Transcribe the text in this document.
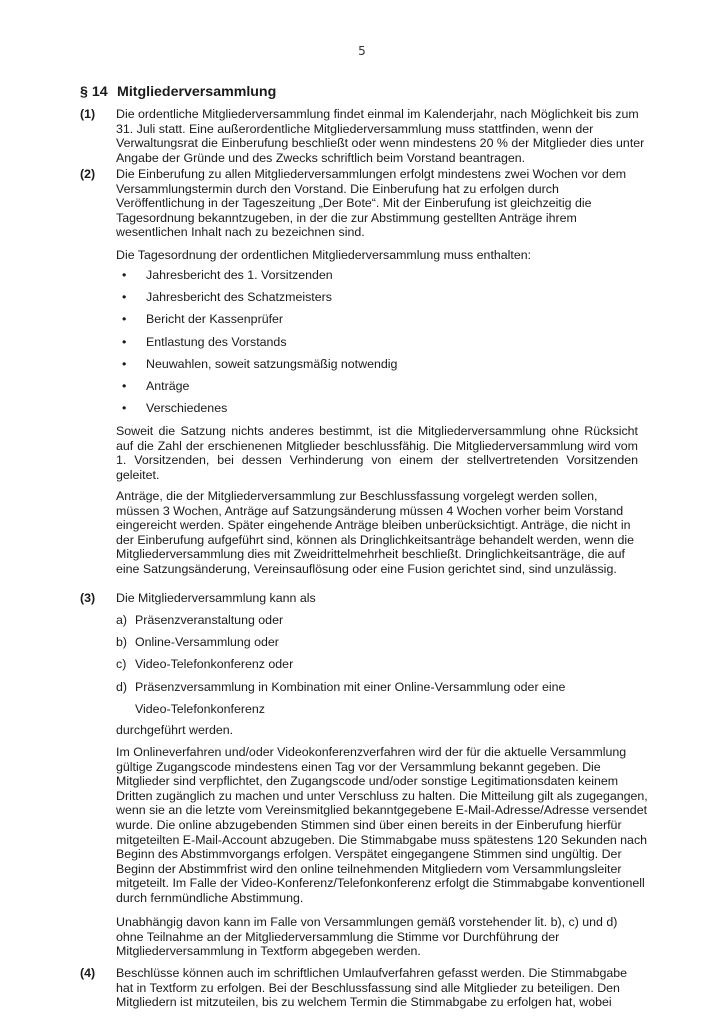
5
§ 14 Mitgliederversammlung
(1) Die ordentliche Mitgliederversammlung findet einmal im Kalenderjahr, nach Möglichkeit bis zum 31. Juli statt. Eine außerordentliche Mitgliederversammlung muss stattfinden, wenn der Verwaltungsrat die Einberufung beschließt oder wenn mindestens 20 % der Mitglieder dies unter Angabe der Gründe und des Zwecks schriftlich beim Vorstand beantragen.

(2) Die Einberufung zu allen Mitgliederversammlungen erfolgt mindestens zwei Wochen vor dem Versammlungstermin durch den Vorstand. Die Einberufung hat zu erfolgen durch Veröffentlichung in der Tageszeitung „Der Bote“. Mit der Einberufung ist gleichzeitig die Tagesordnung bekanntzugeben, in der die zur Abstimmung gestellten Anträge ihrem wesentlichen Inhalt nach zu bezeichnen sind.

Die Tagesordnung der ordentlichen Mitgliederversammlung muss enthalten:

• Jahresbericht des 1. Vorsitzenden
• Jahresbericht des Schatzmeisters
• Bericht der Kassenprüfer
• Entlastung des Vorstands
• Neuwahlen, soweit satzungsmäßig notwendig
• Anträge
• Verschiedenes

Soweit die Satzung nichts anderes bestimmt, ist die Mitgliederversammlung ohne Rücksicht auf die Zahl der erschienenen Mitglieder beschlussfähig. Die Mitgliederversammlung wird vom 1. Vorsitzenden, bei dessen Verhinderung von einem der stellvertretenden Vorsitzenden geleitet.

Anträge, die der Mitgliederversammlung zur Beschlussfassung vorgelegt werden sollen, müssen 3 Wochen, Anträge auf Satzungsänderung müssen 4 Wochen vorher beim Vorstand eingereicht werden. Später eingehende Anträge bleiben unberücksichtigt. Anträge, die nicht in der Einberufung aufgeführt sind, können als Dringlichkeitsanträge behandelt werden, wenn die Mitgliederversammlung dies mit Zweidrittelmehrheit beschließt. Dringlichkeitsanträge, die auf eine Satzungsänderung, Vereinsauflösung oder eine Fusion gerichtet sind, sind unzulässig.

(3) Die Mitgliederversammlung kann als

a) Präsenzveranstaltung oder
b) Online-Versammlung oder
c) Video-Telefonkonferenz oder
d) Präsenzversammlung in Kombination mit einer Online-Versammlung oder eine
Video-Telefonkonferenz

durchgeführt werden.

Im Onlineverfahren und/oder Videokonferenzverfahren wird der für die aktuelle Versammlung gültige Zugangscode mindestens einen Tag vor der Versammlung bekannt gegeben. Die Mitglieder sind verpflichtet, den Zugangscode und/oder sonstige Legitimationsdaten keinem Dritten zugänglich zu machen und unter Verschluss zu halten. Die Mitteilung gilt als zugegangen, wenn sie an die letzte vom Vereinsmitglied bekanntgegebene E-Mail-Adresse/Adresse versendet wurde. Die online abzugebenden Stimmen sind über einen bereits in der Einberufung hierfür mitgeteilten E-Mail-Account abzugeben. Die Stimmabgabe muss spätestens 120 Sekunden nach Beginn des Abstimmvorgangs erfolgen. Verspätet eingegangene Stimmen sind ungültig. Der Beginn der Abstimmfrist wird den online teilnehmenden Mitgliedern vom Versammlungsleiter mitgeteilt. Im Falle der Video-Konferenz/Telefonkonferenz erfolgt die Stimmabgabe konventionell durch fernmündliche Abstimmung.

Unabhängig davon kann im Falle von Versammlungen gemäß vorstehender lit. b), c) und d) ohne Teilnahme an der Mitgliederversammlung die Stimme vor Durchführung der Mitgliederversammlung in Textform abgegeben werden.

(4) Beschlüsse können auch im schriftlichen Umlaufverfahren gefasst werden. Die Stimmabgabe hat in Textform zu erfolgen. Bei der Beschlussfassung sind alle Mitglieder zu beteiligen. Den Mitgliedern ist mitzuteilen, bis zu welchem Termin die Stimmabgabe zu erfolgen hat, wobei
